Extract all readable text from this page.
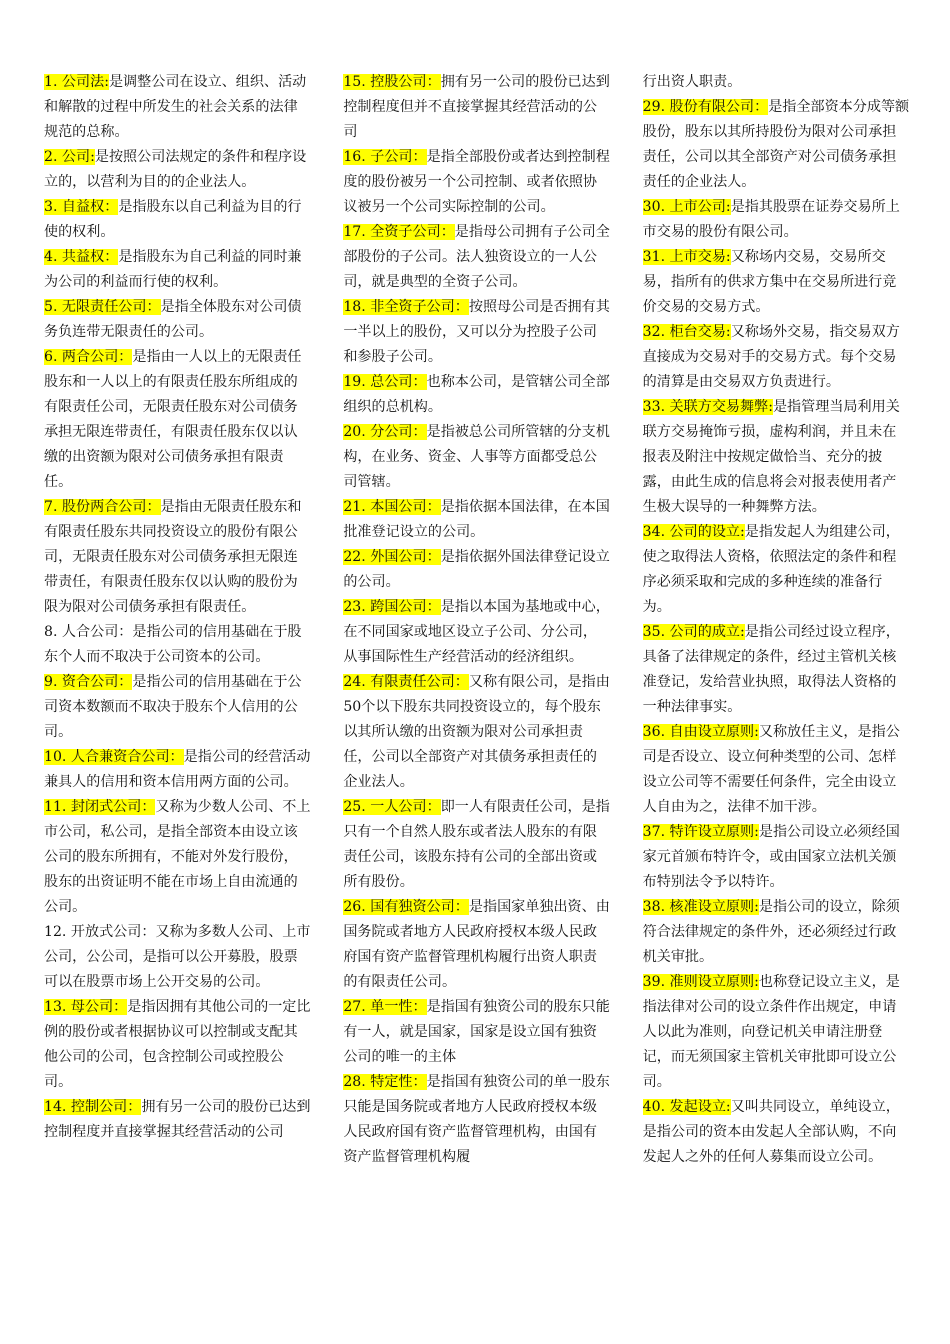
1. 公司法:是调整公司在设立、组织、活动和解散的过程中所发生的社会关系的法律规范的总称。

2. 公司:是按照公司法规定的条件和程序设立的，以营利为目的的企业法人。

3. 自益权：是指股东以自己利益为目的行使的权利。

4. 共益权：是指股东为自己利益的同时兼为公司的利益而行使的权利。

5. 无限责任公司：是指全体股东对公司债务负连带无限责任的公司。

6. 两合公司：是指由一人以上的无限责任股东和一人以上的有限责任股东所组成的有限责任公司，无限责任股东对公司债务承担无限连带责任，有限责任股东仅以认缴的出资额为限对公司债务承担有限责任。

7. 股份两合公司：是指由无限责任股东和有限责任股东共同投资设立的股份有限公司，无限责任股东对公司债务承担无限连带责任，有限责任股东仅以认购的股份为限为限对公司债务承担有限责任。

8. 人合公司：是指公司的信用基础在于股东个人而不取决于公司资本的公司。

9. 资合公司：是指公司的信用基础在于公司资本数额而不取决于股东个人信用的公司。

10. 人合兼资合公司：是指公司的经营活动兼具人的信用和资本信用两方面的公司。

11. 封闭式公司：又称为少数人公司、不上市公司，私公司，是指全部资本由设立该公司的股东所拥有，不能对外发行股份，股东的出资证明不能在市场上自由流通的公司。

12. 开放式公司：又称为多数人公司、上市公司，公公司，是指可以公开募股，股票可以在股票市场上公开交易的公司。

13. 母公司：是指因拥有其他公司的一定比例的股份或者根据协议可以控制或支配其他公司的公司，包含控制公司或控股公司。

14. 控制公司：拥有另一公司的股份已达到控制程度并直接掌握其经营活动的公司

15. 控股公司：拥有另一公司的股份已达到控制程度但并不直接掌握其经营活动的公司

16. 子公司：是指全部股份或者达到控制程度的股份被另一个公司控制、或者依照协议被另一个公司实际控制的公司。

17. 全资子公司：是指母公司拥有子公司全部股份的子公司。法人独资设立的一人公司，就是典型的全资子公司。

18. 非全资子公司：按照母公司是否拥有其一半以上的股份，又可以分为控股子公司和参股子公司。

19. 总公司：也称本公司，是管辖公司全部组织的总机构。

20. 分公司：是指被总公司所管辖的分支机构，在业务、资金、人事等方面都受总公司管辖。

21. 本国公司：是指依据本国法律，在本国批准登记设立的公司。

22. 外国公司：是指依据外国法律登记设立的公司。

23. 跨国公司：是指以本国为基地或中心，在不同国家或地区设立子公司、分公司，从事国际性生产经营活动的经济组织。

24. 有限责任公司：又称有限公司，是指由50个以下股东共同投资设立的，每个股东以其所认缴的出资额为限对公司承担责任，公司以全部资产对其债务承担责任的企业法人。

25. 一人公司：即一人有限责任公司，是指只有一个自然人股东或者法人股东的有限责任公司，该股东持有公司的全部出资或所有股份。

26. 国有独资公司：是指国家单独出资、由国务院或者地方人民政府授权本级人民政府国有资产监督管理机构履行出资人职责的有限责任公司。

27. 单一性：是指国有独资公司的股东只能有一人，就是国家，国家是设立国有独资公司的唯一的主体

28. 特定性：是指国有独资公司的单一股东只能是国务院或者地方人民政府授权本级人民政府国有资产监督管理机构，由国有资产监督管理机构履

行出资人职责。

29. 股份有限公司：是指全部资本分成等额股份，股东以其所持股份为限对公司承担责任，公司以其全部资产对公司债务承担责任的企业法人。

30. 上市公司:是指其股票在证券交易所上市交易的股份有限公司。

31. 上市交易:又称场内交易，交易所交易，指所有的供求方集中在交易所进行竞价交易的交易方式。

32. 柜台交易:又称场外交易，指交易双方直接成为交易对手的交易方式。每个交易的清算是由交易双方负责进行。

33. 关联方交易舞弊:是指管理当局利用关联方交易掩饰亏损，虚构利润，并且未在报表及附注中按规定做恰当、充分的披露，由此生成的信息将会对报表使用者产生极大误导的一种舞弊方法。

34. 公司的设立:是指发起人为组建公司，使之取得法人资格，依照法定的条件和程序必须采取和完成的多种连续的准备行为。

35. 公司的成立:是指公司经过设立程序，具备了法律规定的条件，经过主管机关核准登记，发给营业执照，取得法人资格的一种法律事实。

36. 自由设立原则:又称放任主义，是指公司是否设立、设立何种类型的公司、怎样设立公司等不需要任何条件，完全由设立人自由为之，法律不加干涉。

37. 特许设立原则:是指公司设立必须经国家元首颁布特许令，或由国家立法机关颁布特别法令予以特许。

38. 核准设立原则:是指公司的设立，除须符合法律规定的条件外，还必须经过行政机关审批。

39. 准则设立原则:也称登记设立主义，是指法律对公司的设立条件作出规定，申请人以此为准则，向登记机关申请注册登记，而无须国家主管机关审批即可设立公司。

40. 发起设立:又叫共同设立，单纯设立，是指公司的资本由发起人全部认购，不向发起人之外的任何人募集而设立公司。
